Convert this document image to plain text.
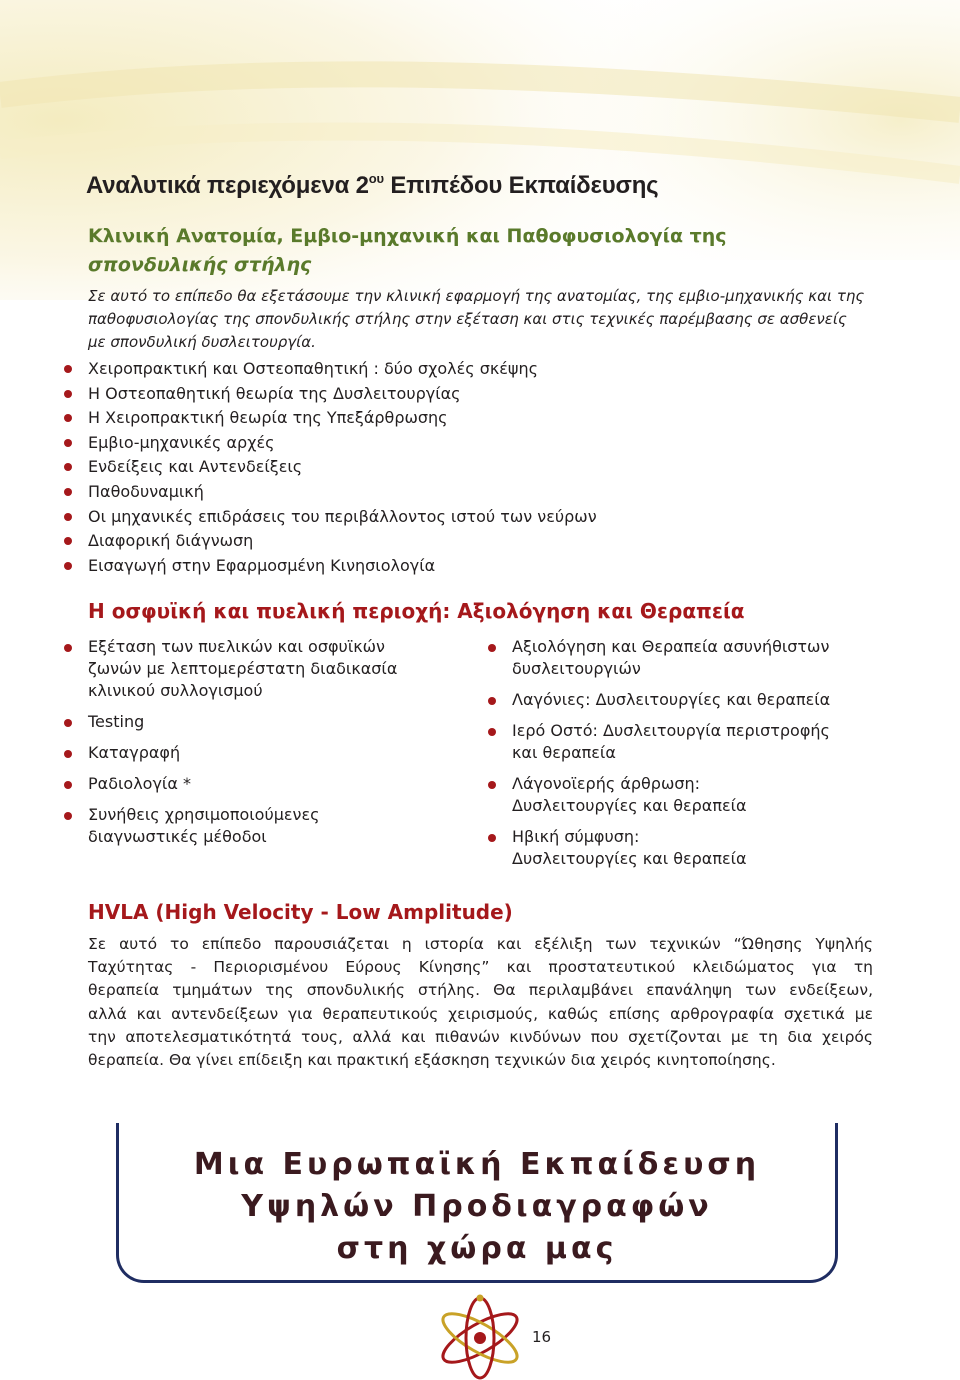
Αναλυτικά περιεχόμενα $2^{o\upsilon}$ Επιπέδου Εκπαίδευσης
Κλινική Ανατομία, Εμβιο-μηχανική και Παθοφυσιολογία της
σπονδυλικής στήλης
Σε αυτό το επίπεδο θα εξετάσουμε την κλινική εφαρμογή της ανατομίας, της εμβιο-μηχανικής και της
παθοφυσιολογίας της σπονδυλικής στήλης στην εξέταση και στις τεχνικές παρέμβασης σε ασθενείς
με σπονδυλική δυσλειτουργία.
Χειροπρακτική και Οστεοπαθητική : δύο σχολές σκέψης
Η Οστεοπαθητική θεωρία της Δυσλειτουργίας
Η Χειροπρακτική θεωρία της Υπεξάρθρωσης
Εμβιο-μηχανικές αρχές
Ενδείξεις και Αντενδείξεις
Παθοδυναμική
Οι μηχανικές επιδράσεις του περιβάλλοντος ιστού των νεύρων
Διαφορική διάγνωση
Εισαγωγή στην Εφαρμοσμένη Κινησιολογία
Η οσφυϊκή και πυελική περιοχή: Αξιολόγηση και Θεραπεία
Εξέταση των πυελικών και οσφυϊκών
ζωνών με λεπτομερέστατη διαδικασία
κλινικού συλλογισμού
Testing
Καταγραφή
Ραδιολογία *
Συνήθεις χρησιμοποιούμενες
διαγνωστικές μέθοδοι
Αξιολόγηση και Θεραπεία ασυνήθιστων
δυσλειτουργιών
Λαγόνιες: Δυσλειτουργίες και θεραπεία
Ιερό Οστό: Δυσλειτουργία περιστροφής
και θεραπεία
Λάγονοϊερής άρθρωση:
Δυσλειτουργίες και θεραπεία
Ηβική σύμφυση:
Δυσλειτουργίες και θεραπεία
HVLA (High Velocity - Low Amplitude)
Σε αυτό το επίπεδο παρουσιάζεται η ιστορία και εξέλιξη των τεχνικών “Ώθησης Υψηλής
Ταχύτητας - Περιορισμένου Εύρους Κίνησης” και προστατευτικού κλειδώματος για τη
θεραπεία τμημάτων της σπονδυλικής στήλης. Θα περιλαμβάνει επανάληψη των ενδείξεων,
αλλά και αντενδείξεων για θεραπευτικούς χειρισμούς, καθώς επίσης αρθρογραφία σχετικά με
την αποτελεσματικότητά τους, αλλά και πιθανών κινδύνων που σχετίζονται με τη δια χειρός
θεραπεία. Θα γίνει επίδειξη και πρακτική εξάσκηση τεχνικών δια χειρός κινητοποίησης.
Μια Ευρωπαϊκή Εκπαίδευση
Υψηλών Προδιαγραφών
στη χώρα μας
16
